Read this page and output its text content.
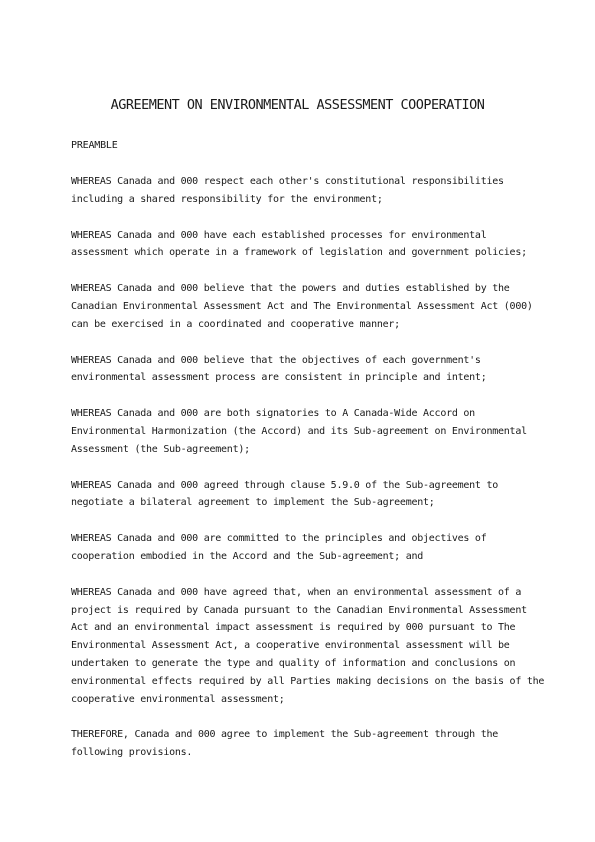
AGREEMENT ON ENVIRONMENTAL ASSESSMENT COOPERATION
PREAMBLE
WHEREAS Canada and 000 respect each other's constitutional responsibilities
including a shared responsibility for the environment;
WHEREAS Canada and 000 have each established processes for environmental
assessment which operate in a framework of legislation and government policies;
WHEREAS Canada and 000 believe that the powers and duties established by the
Canadian Environmental Assessment Act and The Environmental Assessment Act (000)
can be exercised in a coordinated and cooperative manner;
WHEREAS Canada and 000 believe that the objectives of each government's
environmental assessment process are consistent in principle and intent;
WHEREAS Canada and 000 are both signatories to A Canada-Wide Accord on
Environmental Harmonization (the Accord) and its Sub-agreement on Environmental
Assessment (the Sub-agreement);
WHEREAS Canada and 000 agreed through clause 5.9.0 of the Sub-agreement to
negotiate a bilateral agreement to implement the Sub-agreement;
WHEREAS Canada and 000 are committed to the principles and objectives of
cooperation embodied in the Accord and the Sub-agreement; and
WHEREAS Canada and 000 have agreed that, when an environmental assessment of a
project is required by Canada pursuant to the Canadian Environmental Assessment
Act and an environmental impact assessment is required by 000 pursuant to The
Environmental Assessment Act, a cooperative environmental assessment will be
undertaken to generate the type and quality of information and conclusions on
environmental effects required by all Parties making decisions on the basis of the
cooperative environmental assessment;
THEREFORE, Canada and 000 agree to implement the Sub-agreement through the
following provisions.
